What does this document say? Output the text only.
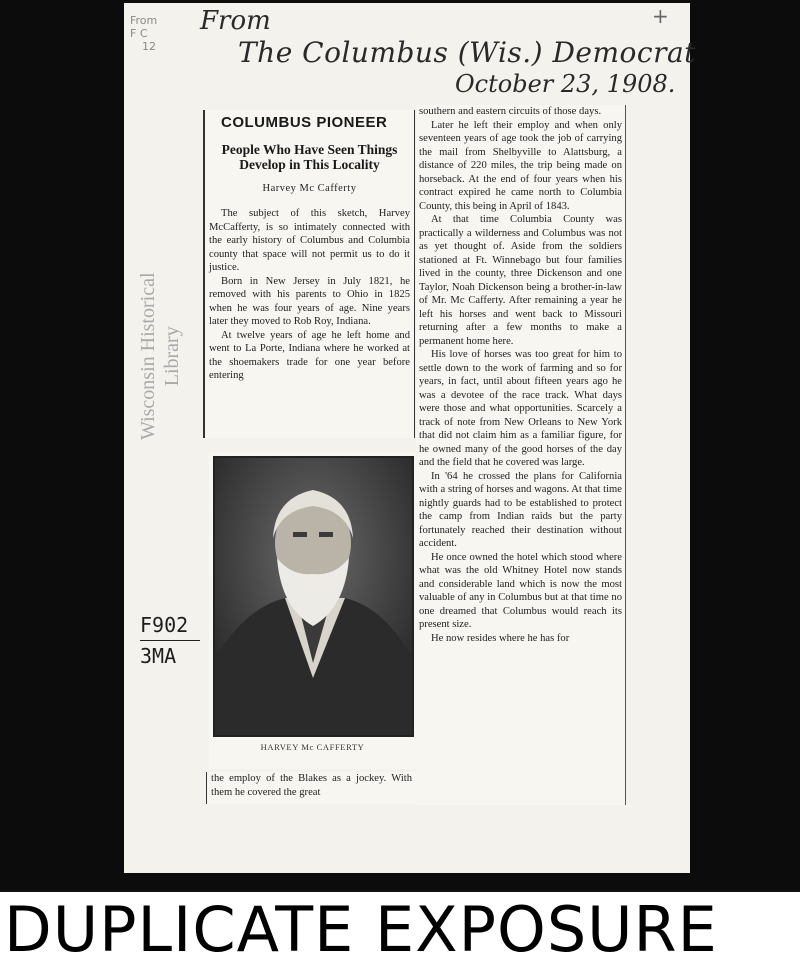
From
F C
12
+
From
The Columbus (Wis.) Democrat
October 23, 1908.
Wisconsin Historical Library
F902
3MA
COLUMBUS PIONEER
People Who Have Seen Things Develop in This Locality
Harvey Mc Cafferty

The subject of this sketch, Harvey McCafferty, is so intimately connected with the early history of Columbus and Columbia county that space will not permit us to do it justice.

Born in New Jersey in July 1821, he removed with his parents to Ohio in 1825 when he was four years of age. Nine years later they moved to Rob Roy, Indiana.

At twelve years of age he left home and went to La Porte, Indiana where he worked at the shoemakers trade for one year before entering

HARVEY Mc CAFFERTY

the employ of the Blakes as a jockey. With them he covered the great

southern and eastern circuits of those days.

Later he left their employ and when only seventeen years of age took the job of carrying the mail from Shelbyville to Alattsburg, a distance of 220 miles, the trip being made on horseback. At the end of four years when his contract expired he came north to Columbia County, this being in April of 1843.

At that time Columbia County was practically a wilderness and Columbus was not as yet thought of. Aside from the soldiers stationed at Ft. Winnebago but four families lived in the county, three Dickenson and one Taylor, Noah Dickenson being a brother-in-law of Mr. Mc Cafferty. After remaining a year he left his horses and went back to Missouri returning after a few months to make a permanent home here.

His love of horses was too great for him to settle down to the work of farming and so for years, in fact, until about fifteen years ago he was a devotee of the race track. What days were those and what opportunities. Scarcely a track of note from New Orleans to New York that did not claim him as a familiar figure, for he owned many of the good horses of the day and the field that he covered was large.

In '64 he crossed the plans for California with a string of horses and wagons. At that time nightly guards had to be established to protect the camp from Indian raids but the party fortunately reached their destination without accident.

He once owned the hotel which stood where what was the old Whitney Hotel now stands and considerable land which is now the most valuable of any in Columbus but at that time no one dreamed that Columbus would reach its present size.

He now resides where he has for

DUPLICATE EXPOSURE
